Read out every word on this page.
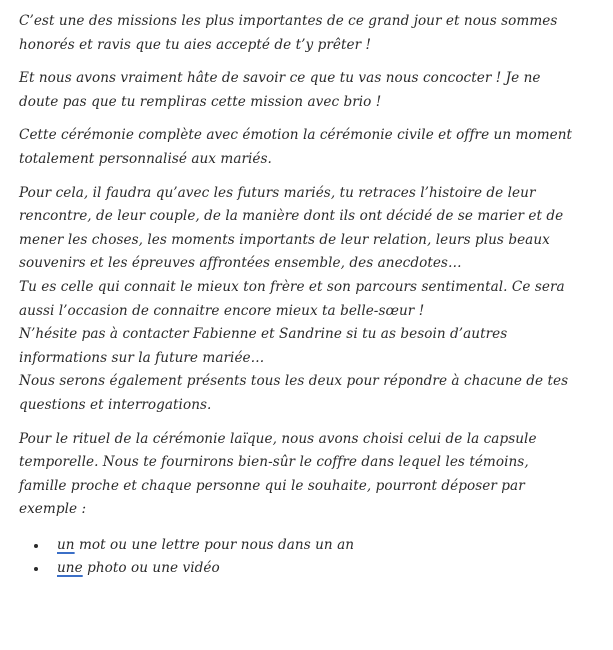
C’est une des missions les plus importantes de ce grand jour et nous sommes
honorés et ravis que tu aies accepté de t’y prêter !

Et nous avons vraiment hâte de savoir ce que tu vas nous concocter ! Je ne
doute pas que tu rempliras cette mission avec brio !

Cette cérémonie complète avec émotion la cérémonie civile et offre un moment
totalement personnalisé aux mariés.

Pour cela, il faudra qu’avec les futurs mariés, tu retraces l’histoire de leur
rencontre, de leur couple, de la manière dont ils ont décidé de se marier et de
mener les choses, les moments importants de leur relation, leurs plus beaux
souvenirs et les épreuves affrontées ensemble, des anecdotes…
Tu es celle qui connait le mieux ton frère et son parcours sentimental. Ce sera
aussi l’occasion de connaitre encore mieux ta belle-sœur !
N’hésite pas à contacter Fabienne et Sandrine si tu as besoin d’autres
informations sur la future mariée…
Nous serons également présents tous les deux pour répondre à chacune de tes
questions et interrogations.

Pour le rituel de la cérémonie laïque, nous avons choisi celui de la capsule
temporelle. Nous te fournirons bien-sûr le coffre dans lequel les témoins,
famille proche et chaque personne qui le souhaite, pourront déposer par
exemple :

un mot ou une lettre pour nous dans un an
une photo ou une vidéo
